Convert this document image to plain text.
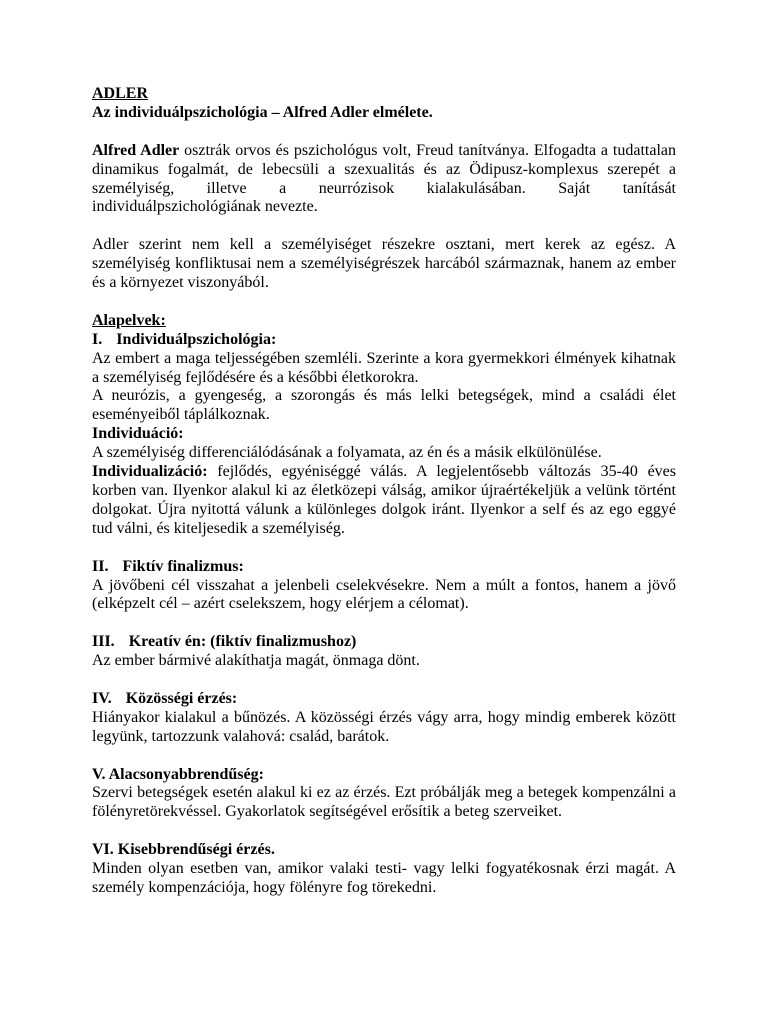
ADLER

Az individuálpszichológia – Alfred Adler elmélete.

Alfred Adler osztrák orvos és pszichológus volt, Freud tanítványa. Elfogadta a tudattalan dinamikus fogalmát, de lebecsüli a szexualitás és az Ödipusz-komplexus szerepét a személyiség, illetve a neurrózisok kialakulásában. Saját tanítását individuálpszichológiának nevezte.

Adler szerint nem kell a személyiséget részekre osztani, mert kerek az egész. A személyiség konfliktusai nem a személyiségrészek harcából származnak, hanem az ember és a környezet viszonyából.

Alapelvek:

I. Individuálpszichológia:

Az embert a maga teljességében szemléli. Szerinte a kora gyermekkori élmények kihatnak a személyiség fejlődésére és a későbbi életkorokra.

A neurózis, a gyengeség, a szorongás és más lelki betegségek, mind a családi élet eseményeiből táplálkoznak.

Individuáció:

A személyiség differenciálódásának a folyamata, az én és a másik elkülönülése.

Individualizáció: fejlődés, egyéniséggé válás. A legjelentősebb változás 35-40 éves korben van. Ilyenkor alakul ki az életközepi válság, amikor újraértékeljük a velünk történt dolgokat. Újra nyitottá válunk a különleges dolgok iránt. Ilyenkor a self és az ego eggyé tud válni, és kiteljesedik a személyiség.

II. Fiktív finalizmus:

A jövőbeni cél visszahat a jelenbeli cselekvésekre. Nem a múlt a fontos, hanem a jövő (elképzelt cél – azért cselekszem, hogy elérjem a célomat).

III. Kreatív én: (fiktív finalizmushoz)

Az ember bármivé alakíthatja magát, önmaga dönt.

IV. Közösségi érzés:

Hiányakor kialakul a bűnözés. A közösségi érzés vágy arra, hogy mindig emberek között legyünk, tartozzunk valahová: család, barátok.

V. Alacsonyabbrendűség:

Szervi betegségek esetén alakul ki ez az érzés. Ezt próbálják meg a betegek kompenzálni a fölényretörekvéssel. Gyakorlatok segítségével erősítik a beteg szerveiket.

VI. Kisebbrendűségi érzés.

Minden olyan esetben van, amikor valaki testi- vagy lelki fogyatékosnak érzi magát. A személy kompenzációja, hogy fölényre fog törekedni.
